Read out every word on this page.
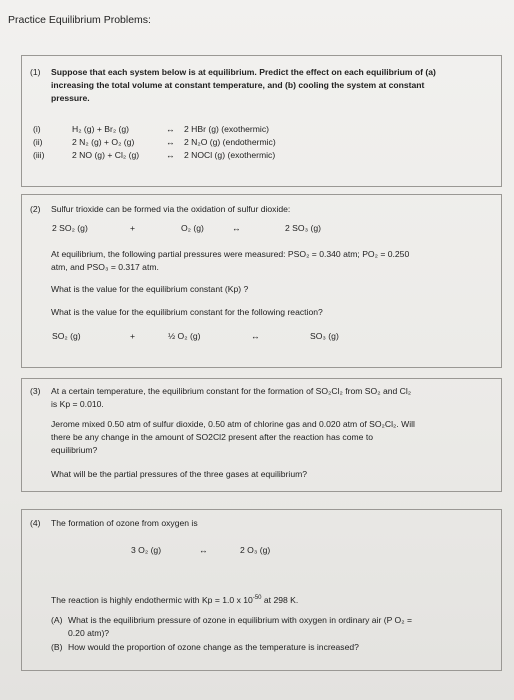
Practice Equilibrium Problems:
(1) Suppose that each system below is at equilibrium. Predict the effect on each equilibrium of (a)
increasing the total volume at constant temperature, and (b) cooling the system at constant
pressure.
(i)	H₂ (g) + Br₂ (g)	↔ 2 HBr (g) (exothermic)
(ii)	2 N₂ (g) + O₂ (g)	↔ 2 N₂O (g) (endothermic)
(iii)	2 NO (g) + Cl₂ (g)	↔ 2 NOCl (g) (exothermic)
(2) Sulfur trioxide can be formed via the oxidation of sulfur dioxide:
2 SO₂ (g)	+	O₂ (g)	↔	2 SO₃ (g)
At equilibrium, the following partial pressures were measured: PSO₂ = 0.340 atm; PO₂ = 0.250
atm, and PSO₃ = 0.317 atm.
What is the value for the equilibrium constant (Kp) ?
What is the value for the equilibrium constant for the following reaction?
SO₂ (g)	+	½ O₂ (g)	↔	SO₃ (g)
(3) At a certain temperature, the equilibrium constant for the formation of SO₂Cl₂ from SO₂ and Cl₂
is Kp = 0.010.
Jerome mixed 0.50 atm of sulfur dioxide, 0.50 atm of chlorine gas and 0.020 atm of SO₂Cl₂. Will
there be any change in the amount of SO2Cl2 present after the reaction has come to
equilibrium?
What will be the partial pressures of the three gases at equilibrium?
(4) The formation of ozone from oxygen is
3 O₂ (g)	↔	2 O₃ (g)
The reaction is highly endothermic with Kp = 1.0 x $10^{-50}$ at 298 K.
(A) What is the equilibrium pressure of ozone in equilibrium with oxygen in ordinary air (P O₂ =
0.20 atm)?
(B) How would the proportion of ozone change as the temperature is increased?
